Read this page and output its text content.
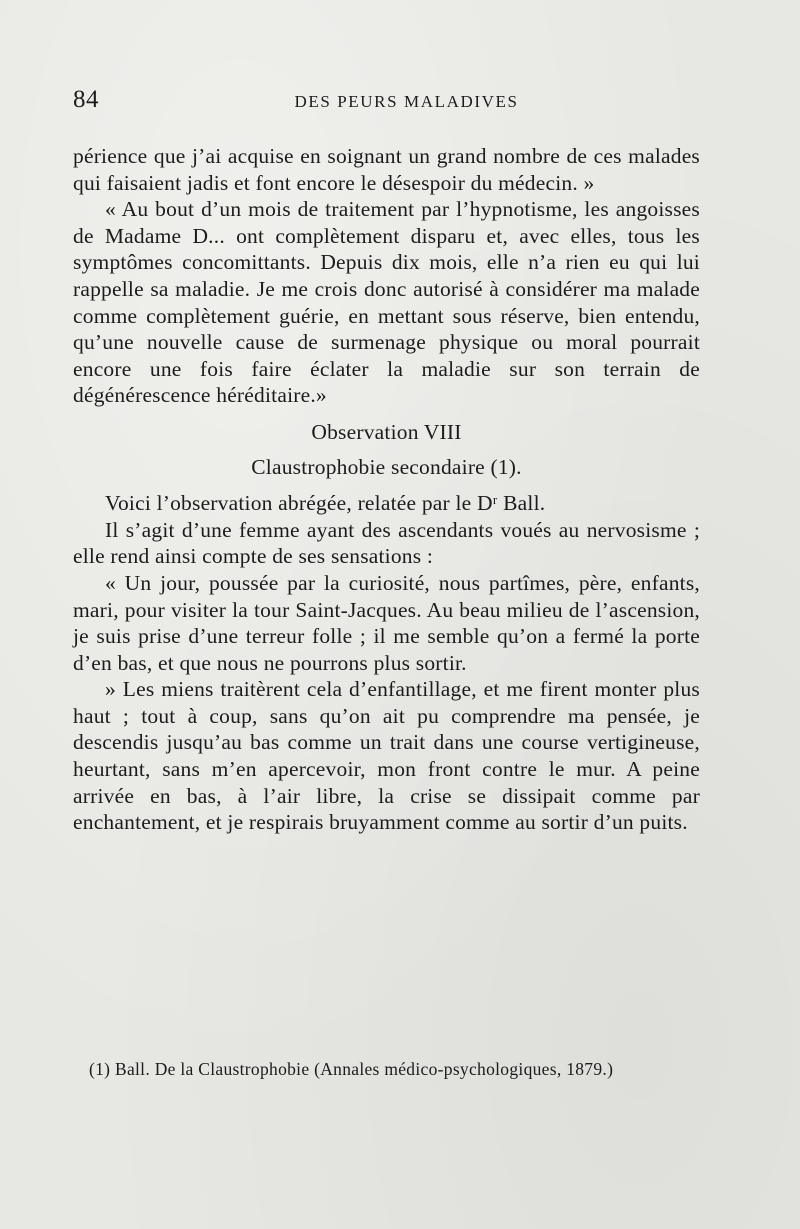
84	DES PEURS MALADIVES

périence que j’ai acquise en soignant un grand nombre de ces malades qui faisaient jadis et font encore le désespoir du médecin. »

« Au bout d’un mois de traitement par l’hypnotisme, les angoisses de Madame D... ont complètement disparu et, avec elles, tous les symptômes concomittants. Depuis dix mois, elle n’a rien eu qui lui rappelle sa maladie. Je me crois donc autorisé à considérer ma malade comme complètement guérie, en mettant sous réserve, bien entendu, qu’une nouvelle cause de surmenage physique ou moral pourrait encore une fois faire éclater la maladie sur son terrain de dégénérescence héréditaire.»

Observation VIII

Claustrophobie secondaire (1).

Voici l’observation abrégée, relatée par le Dʳ Ball.

Il s’agit d’une femme ayant des ascendants voués au nervosisme ; elle rend ainsi compte de ses sensations :

« Un jour, poussée par la curiosité, nous partîmes, père, enfants, mari, pour visiter la tour Saint-Jacques. Au beau milieu de l’ascension, je suis prise d’une terreur folle ; il me semble qu’on a fermé la porte d’en bas, et que nous ne pourrons plus sortir.

» Les miens traitèrent cela d’enfantillage, et me firent monter plus haut ; tout à coup, sans qu’on ait pu comprendre ma pensée, je descendis jusqu’au bas comme un trait dans une course vertigineuse, heurtant, sans m’en apercevoir, mon front contre le mur. A peine arrivée en bas, à l’air libre, la crise se dissipait comme par enchantement, et je respirais bruyamment comme au sortir d’un puits.

(1) Ball. De la Claustrophobie (Annales médico-psychologiques, 1879.)
